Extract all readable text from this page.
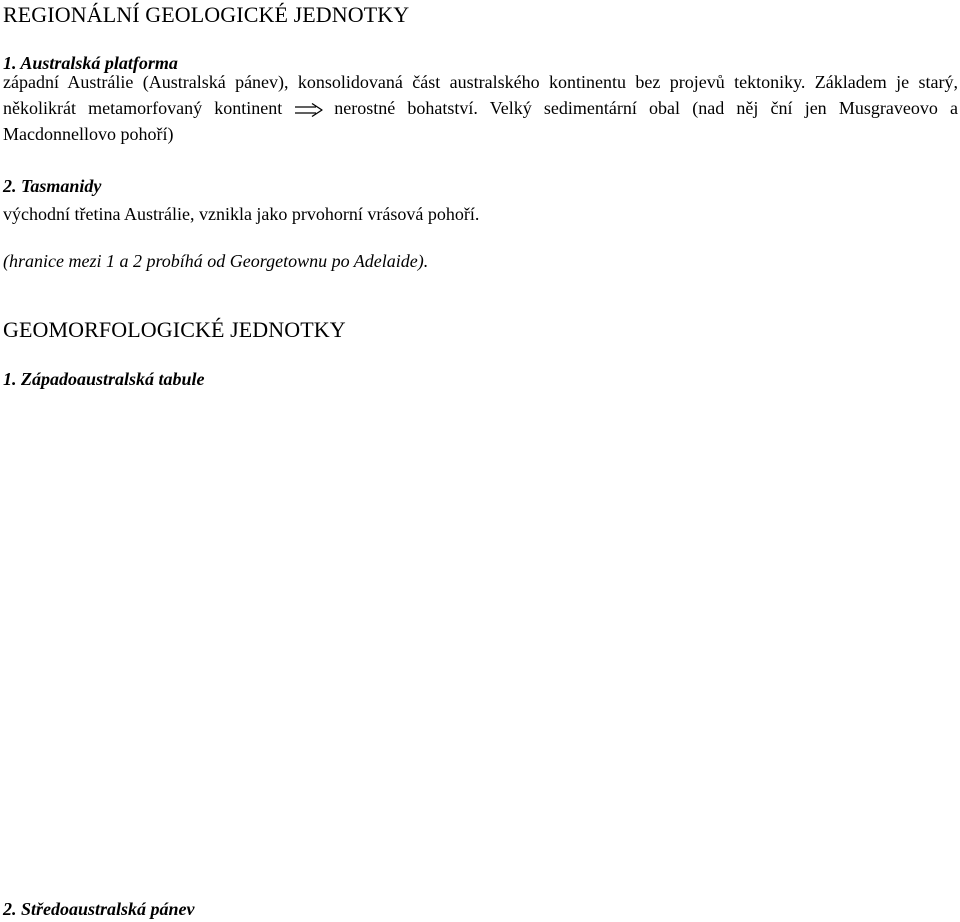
REGIONÁLNÍ GEOLOGICKÉ JEDNOTKY
1. Australská platforma

západní Austrálie (Australská pánev), konsolidovaná část australského kontinentu bez projevů tektoniky. Základem je starý, několikrát metamorfovaný kontinent	nerostné bohatství. Velký sedimentární obal (nad něj ční jen Musgraveovo a Macdonnellovo pohoří)

2. Tasmanidy

východní třetina Austrálie, vznikla jako prvohorní vrásová pohoří.

(hranice mezi 1 a 2 probíhá od Georgetownu po Adelaide).

GEOMORFOLOGICKÉ JEDNOTKY
1. Západoaustralská tabule
2. Středoaustralská pánev
